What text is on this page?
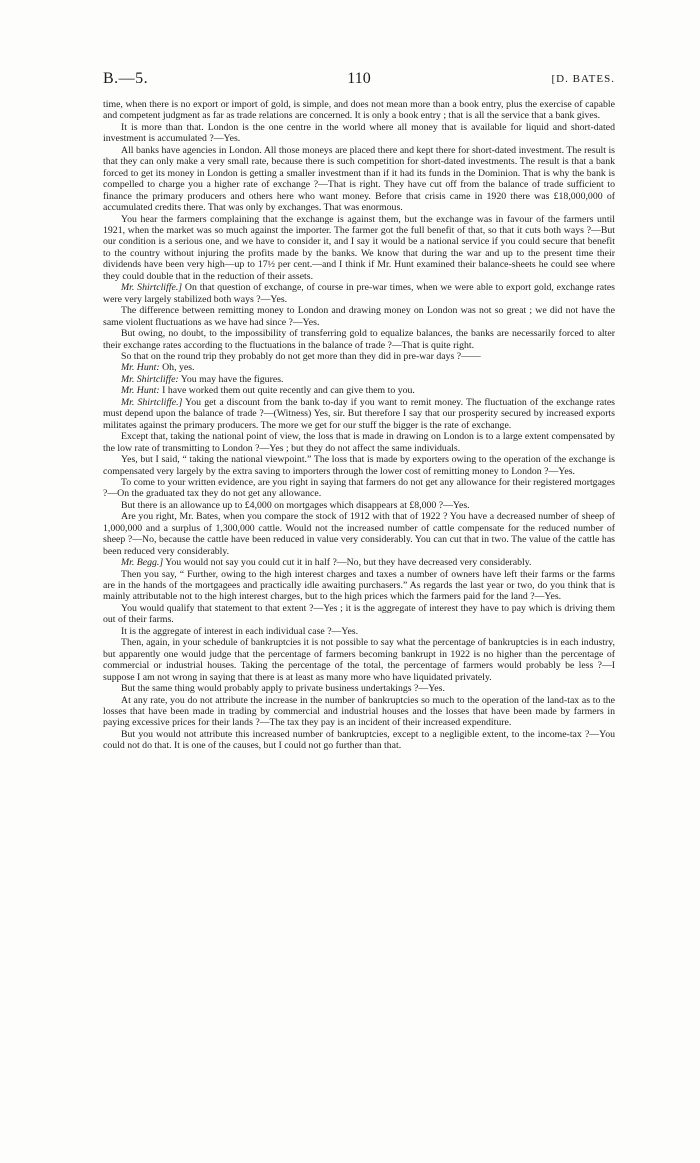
B.—5.	110	[D. BATES.

time, when there is no export or import of gold, is simple, and does not mean more than a book entry, plus the exercise of capable and competent judgment as far as trade relations are concerned. It is only a book entry ; that is all the service that a bank gives.

It is more than that. London is the one centre in the world where all money that is available for liquid and short-dated investment is accumulated ?—Yes.

All banks have agencies in London. All those moneys are placed there and kept there for short-dated investment. The result is that they can only make a very small rate, because there is such competition for short-dated investments. The result is that a bank forced to get its money in London is getting a smaller investment than if it had its funds in the Dominion. That is why the bank is compelled to charge you a higher rate of exchange ?—That is right. They have cut off from the balance of trade sufficient to finance the primary producers and others here who want money. Before that crisis came in 1920 there was £18,000,000 of accumulated credits there. That was only by exchanges. That was enormous.

You hear the farmers complaining that the exchange is against them, but the exchange was in favour of the farmers until 1921, when the market was so much against the importer. The farmer got the full benefit of that, so that it cuts both ways ?—But our condition is a serious one, and we have to consider it, and I say it would be a national service if you could secure that benefit to the country without injuring the profits made by the banks. We know that during the war and up to the present time their dividends have been very high—up to 17½ per cent.—and I think if Mr. Hunt examined their balance-sheets he could see where they could double that in the reduction of their assets.

Mr. Shirtcliffe.] On that question of exchange, of course in pre-war times, when we were able to export gold, exchange rates were very largely stabilized both ways ?—Yes.

The difference between remitting money to London and drawing money on London was not so great ; we did not have the same violent fluctuations as we have had since ?—Yes.

But owing, no doubt, to the impossibility of transferring gold to equalize balances, the banks are necessarily forced to alter their exchange rates according to the fluctuations in the balance of trade ?—That is quite right.

So that on the round trip they probably do not get more than they did in pre-war days ?——

Mr. Hunt: Oh, yes.

Mr. Shirtcliffe: You may have the figures.

Mr. Hunt: I have worked them out quite recently and can give them to you.

Mr. Shirtcliffe.] You get a discount from the bank to-day if you want to remit money. The fluctuation of the exchange rates must depend upon the balance of trade ?—(Witness) Yes, sir. But therefore I say that our prosperity secured by increased exports militates against the primary producers. The more we get for our stuff the bigger is the rate of exchange.

Except that, taking the national point of view, the loss that is made in drawing on London is to a large extent compensated by the low rate of transmitting to London ?—Yes ; but they do not affect the same individuals.

Yes, but I said, “ taking the national viewpoint.” The loss that is made by exporters owing to the operation of the exchange is compensated very largely by the extra saving to importers through the lower cost of remitting money to London ?—Yes.

To come to your written evidence, are you right in saying that farmers do not get any allowance for their registered mortgages ?—On the graduated tax they do not get any allowance.

But there is an allowance up to £4,000 on mortgages which disappears at £8,000 ?—Yes.

Are you right, Mr. Bates, when you compare the stock of 1912 with that of 1922 ? You have a decreased number of sheep of 1,000,000 and a surplus of 1,300,000 cattle. Would not the increased number of cattle compensate for the reduced number of sheep ?—No, because the cattle have been reduced in value very considerably. You can cut that in two. The value of the cattle has been reduced very considerably.

Mr. Begg.] You would not say you could cut it in half ?—No, but they have decreased very considerably.

Then you say, “ Further, owing to the high interest charges and taxes a number of owners have left their farms or the farms are in the hands of the mortgagees and practically idle awaiting purchasers.” As regards the last year or two, do you think that is mainly attributable not to the high interest charges, but to the high prices which the farmers paid for the land ?—Yes.

You would qualify that statement to that extent ?—Yes ; it is the aggregate of interest they have to pay which is driving them out of their farms.

It is the aggregate of interest in each individual case ?—Yes.

Then, again, in your schedule of bankruptcies it is not possible to say what the percentage of bankruptcies is in each industry, but apparently one would judge that the percentage of farmers becoming bankrupt in 1922 is no higher than the percentage of commercial or industrial houses. Taking the percentage of the total, the percentage of farmers would probably be less ?—I suppose I am not wrong in saying that there is at least as many more who have liquidated privately.

But the same thing would probably apply to private business undertakings ?—Yes.

At any rate, you do not attribute the increase in the number of bankruptcies so much to the operation of the land-tax as to the losses that have been made in trading by commercial and industrial houses and the losses that have been made by farmers in paying excessive prices for their lands ?—The tax they pay is an incident of their increased expenditure.

But you would not attribute this increased number of bankruptcies, except to a negligible extent, to the income-tax ?—You could not do that. It is one of the causes, but I could not go further than that.
